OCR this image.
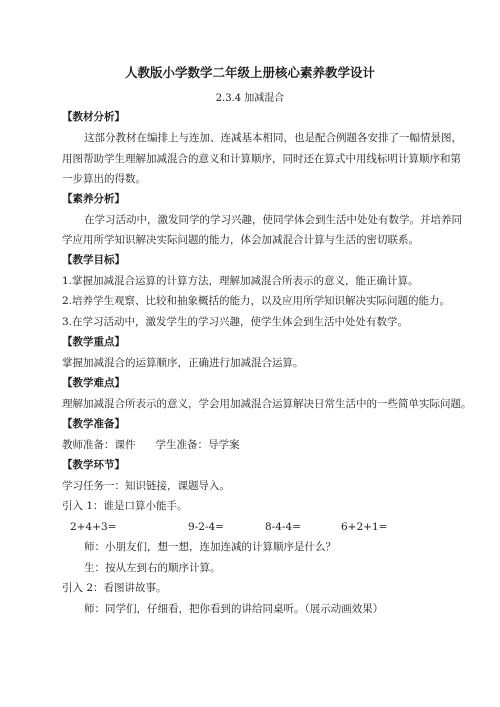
人教版小学数学二年级上册核心素养教学设计
2.3.4 加减混合
【教材分析】
这部分教材在编排上与连加、连减基本相同，也是配合例题各安排了一幅情景图，
用图帮助学生理解加减混合的意义和计算顺序，同时还在算式中用线标明计算顺序和第
一步算出的得数。
【素养分析】
在学习活动中，激发同学的学习兴趣，使同学体会到生活中处处有数学。并培养同
学应用所学知识解决实际问题的能力，体会加减混合计算与生活的密切联系。
【教学目标】
1.掌握加减混合运算的计算方法，理解加减混合所表示的意义，能正确计算。
2.培养学生观察、比较和抽象概括的能力，以及应用所学知识解决实际问题的能力。
3.在学习活动中，激发学生的学习兴趣，使学生体会到生活中处处有数学。
【教学重点】
掌握加减混合的运算顺序，正确进行加减混合运算。
【教学难点】
理解加减混合所表示的意义，学会用加减混合运算解决日常生活中的一些简单实际问题。
【教学准备】
教师准备：课件      学生准备：导学案
【教学环节】
学习任务一：知识链接，课题导入。
引入 1：谁是口算小能手。
2+4+3=	9-2-4=	8-4-4=	6+2+1=
师：小朋友们，想一想，连加连减的计算顺序是什么？
生：按从左到右的顺序计算。
引入 2：看图讲故事。
师：同学们，仔细看，把你看到的讲给同桌听。（展示动画效果）
